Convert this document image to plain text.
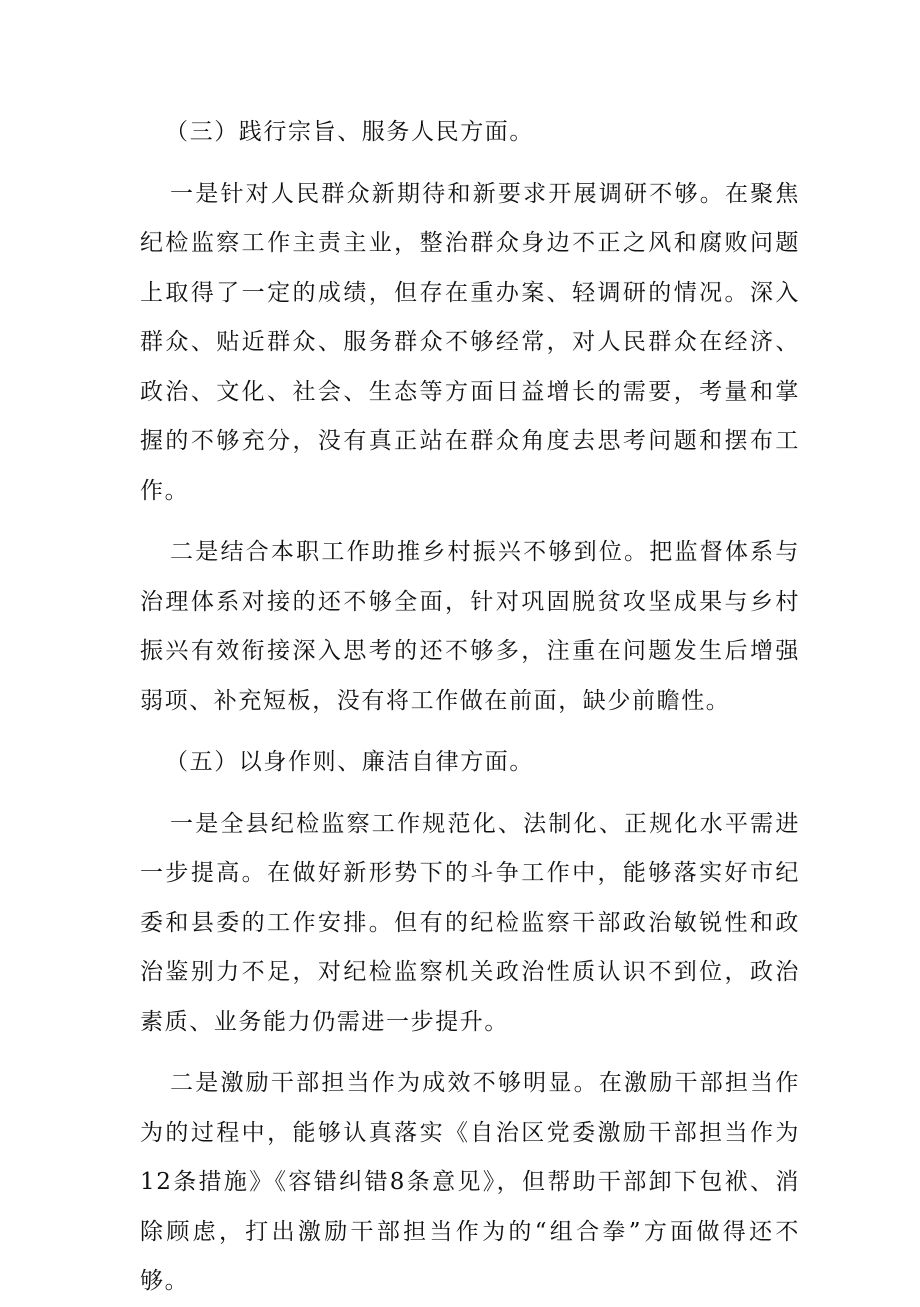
（三）践行宗旨、服务人民方面。

一是针对人民群众新期待和新要求开展调研不够。在聚焦纪检监察工作主责主业，整治群众身边不正之风和腐败问题上取得了一定的成绩，但存在重办案、轻调研的情况。深入群众、贴近群众、服务群众不够经常，对人民群众在经济、政治、文化、社会、生态等方面日益增长的需要，考量和掌握的不够充分，没有真正站在群众角度去思考问题和摆布工作。

二是结合本职工作助推乡村振兴不够到位。把监督体系与治理体系对接的还不够全面，针对巩固脱贫攻坚成果与乡村振兴有效衔接深入思考的还不够多，注重在问题发生后增强弱项、补充短板，没有将工作做在前面，缺少前瞻性。

（五）以身作则、廉洁自律方面。

一是全县纪检监察工作规范化、法制化、正规化水平需进一步提高。在做好新形势下的斗争工作中，能够落实好市纪委和县委的工作安排。但有的纪检监察干部政治敏锐性和政治鉴别力不足，对纪检监察机关政治性质认识不到位，政治素质、业务能力仍需进一步提升。

二是激励干部担当作为成效不够明显。在激励干部担当作为的过程中，能够认真落实《自治区党委激励干部担当作为12条措施》《容错纠错8条意见》，但帮助干部卸下包袱、消除顾虑，打出激励干部担当作为的“组合拳”方面做得还不够。
